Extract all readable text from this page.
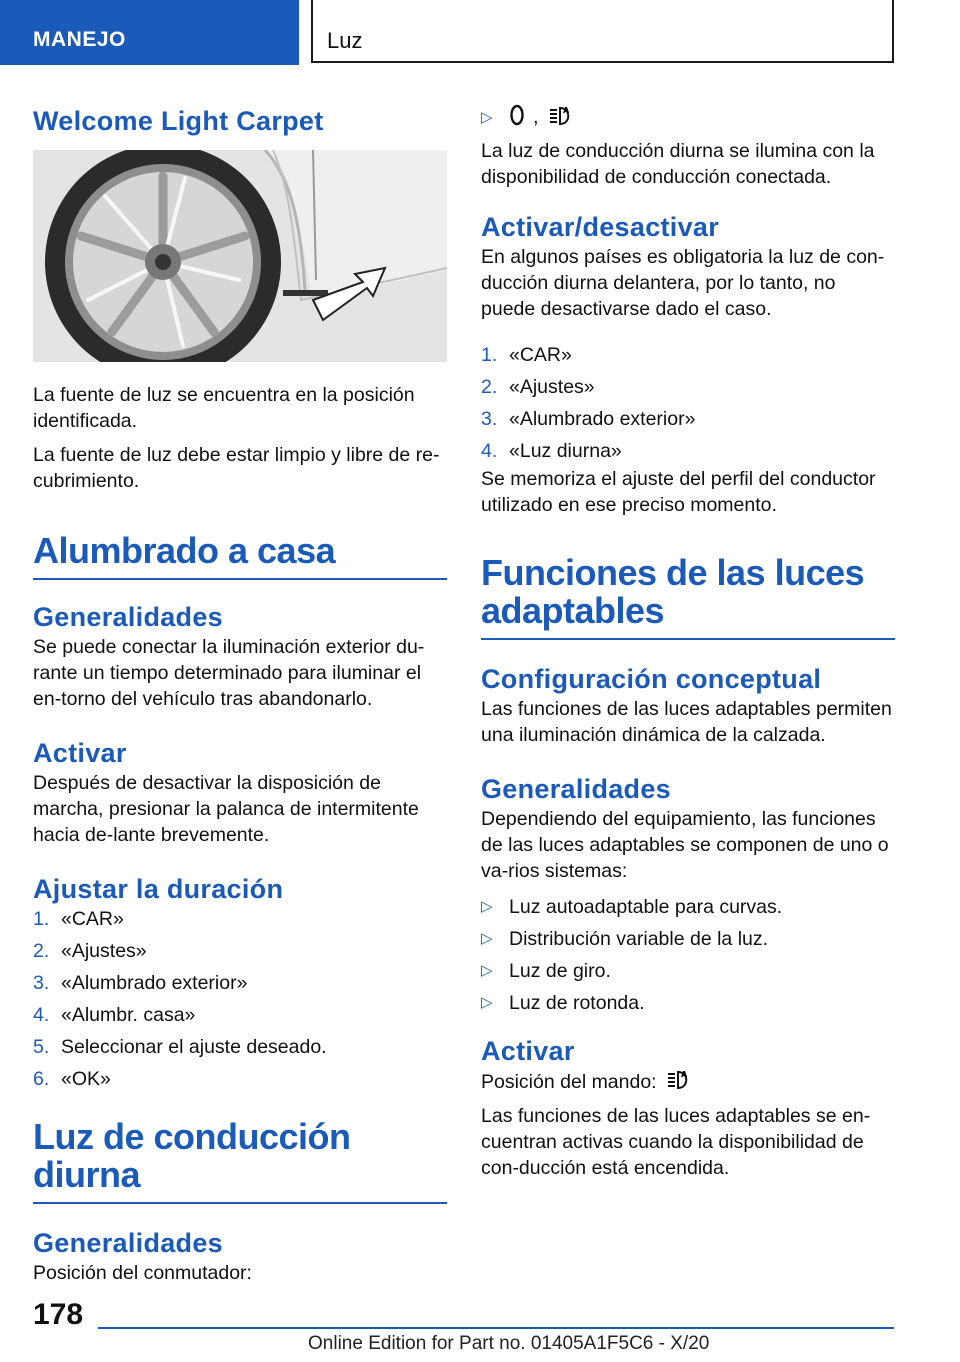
MANEJO	Luz
Welcome Light Carpet

La fuente de luz se encuentra en la posición identificada.

La fuente de luz debe estar limpio y libre de re-cubrimiento.

Alumbrado a casa
Generalidades

Se puede conectar la iluminación exterior du-rante un tiempo determinado para iluminar el en-torno del vehículo tras abandonarlo.

Activar

Después de desactivar la disposición de marcha, presionar la palanca de intermitente hacia de-lante brevemente.

Ajustar la duración
1. «CAR»
2. «Ajustes»
3. «Alumbrado exterior»
4. «Alumbr. casa»
5. Seleccionar el ajuste deseado.
6. «OK»
Luz de conducción diurna
Generalidades

Posición del conmutador:

▷	,	A

La luz de conducción diurna se ilumina con la disponibilidad de conducción conectada.

Activar/desactivar

En algunos países es obligatoria la luz de con-ducción diurna delantera, por lo tanto, no puede desactivarse dado el caso.

1. «CAR»
2. «Ajustes»
3. «Alumbrado exterior»
4. «Luz diurna»

Se memoriza el ajuste del perfil del conductor utilizado en ese preciso momento.

Funciones de las luces adaptables
Configuración conceptual

Las funciones de las luces adaptables permiten una iluminación dinámica de la calzada.

Generalidades

Dependiendo del equipamiento, las funciones de las luces adaptables se componen de uno o va-rios sistemas:

▷ Luz autoadaptable para curvas.
▷ Distribución variable de la luz.
▷ Luz de giro.
▷ Luz de rotonda.
Activar

Posición del mando:	A

Las funciones de las luces adaptables se en-cuentran activas cuando la disponibilidad de con-ducción está encendida.

178
Online Edition for Part no. 01405A1F5C6 - X/20
